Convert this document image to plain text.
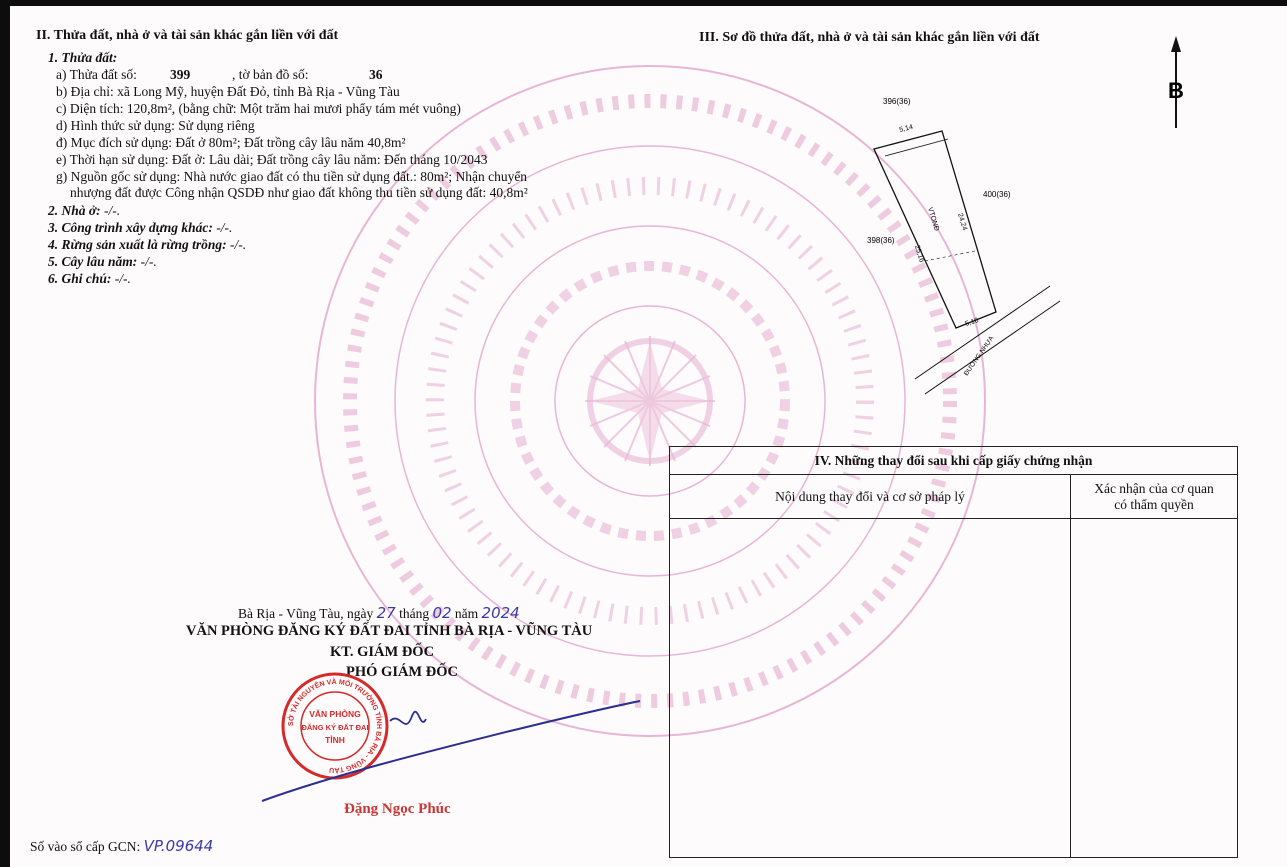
II. Thửa đất, nhà ở và tài sản khác gắn liền với đất
1. Thửa đất:
a) Thửa đất số: 399	, tờ bản đồ số:	36
b) Địa chỉ: xã Long Mỹ, huyện Đất Đỏ, tỉnh Bà Rịa - Vũng Tàu
c) Diện tích: 120,8m², (bằng chữ: Một trăm hai mươi phẩy tám mét vuông)
d) Hình thức sử dụng: Sử dụng riêng
đ) Mục đích sử dụng: Đất ở 80m²; Đất trồng cây lâu năm 40,8m²
e) Thời hạn sử dụng: Đất ở: Lâu dài; Đất trồng cây lâu năm: Đến tháng 10/2043
g) Nguồn gốc sử dụng: Nhà nước giao đất có thu tiền sử dụng đất.: 80m²; Nhận chuyển
nhượng đất được Công nhận QSDĐ như giao đất không thu tiền sử dụng đất: 40,8m²
2. Nhà ở: -/-.
3. Công trình xây dựng khác: -/-.
4. Rừng sản xuất là rừng trồng: -/-.
5. Cây lâu năm: -/-.
6. Ghi chú: -/-.
III. Sơ đồ thửa đất, nhà ở và tài sản khác gắn liền với đất
B
396(36)
400(36)
398(36)
5,14
24,24
25,16
5,10
VTONĐ
ĐƯỜNG NHỰA
IV. Những thay đổi sau khi cấp giấy chứng nhận
Nội dung thay đổi và cơ sở pháp lý
Xác nhận của cơ quan
có thẩm quyền
Bà Rịa - Vũng Tàu, ngày 27 tháng 02 năm 2024
VĂN PHÒNG ĐĂNG KÝ ĐẤT ĐAI TỈNH BÀ RỊA - VŨNG TÀU
KT. GIÁM ĐỐC
PHÓ GIÁM ĐỐC
SỞ TÀI NGUYÊN VÀ MÔI TRƯỜNG TỈNH BÀ RỊA - VŨNG TÀU
VĂN PHÒNG
ĐĂNG KÝ ĐẤT ĐAI
TỈNH
Đặng Ngọc Phúc
Số vào sổ cấp GCN: VP.09644
